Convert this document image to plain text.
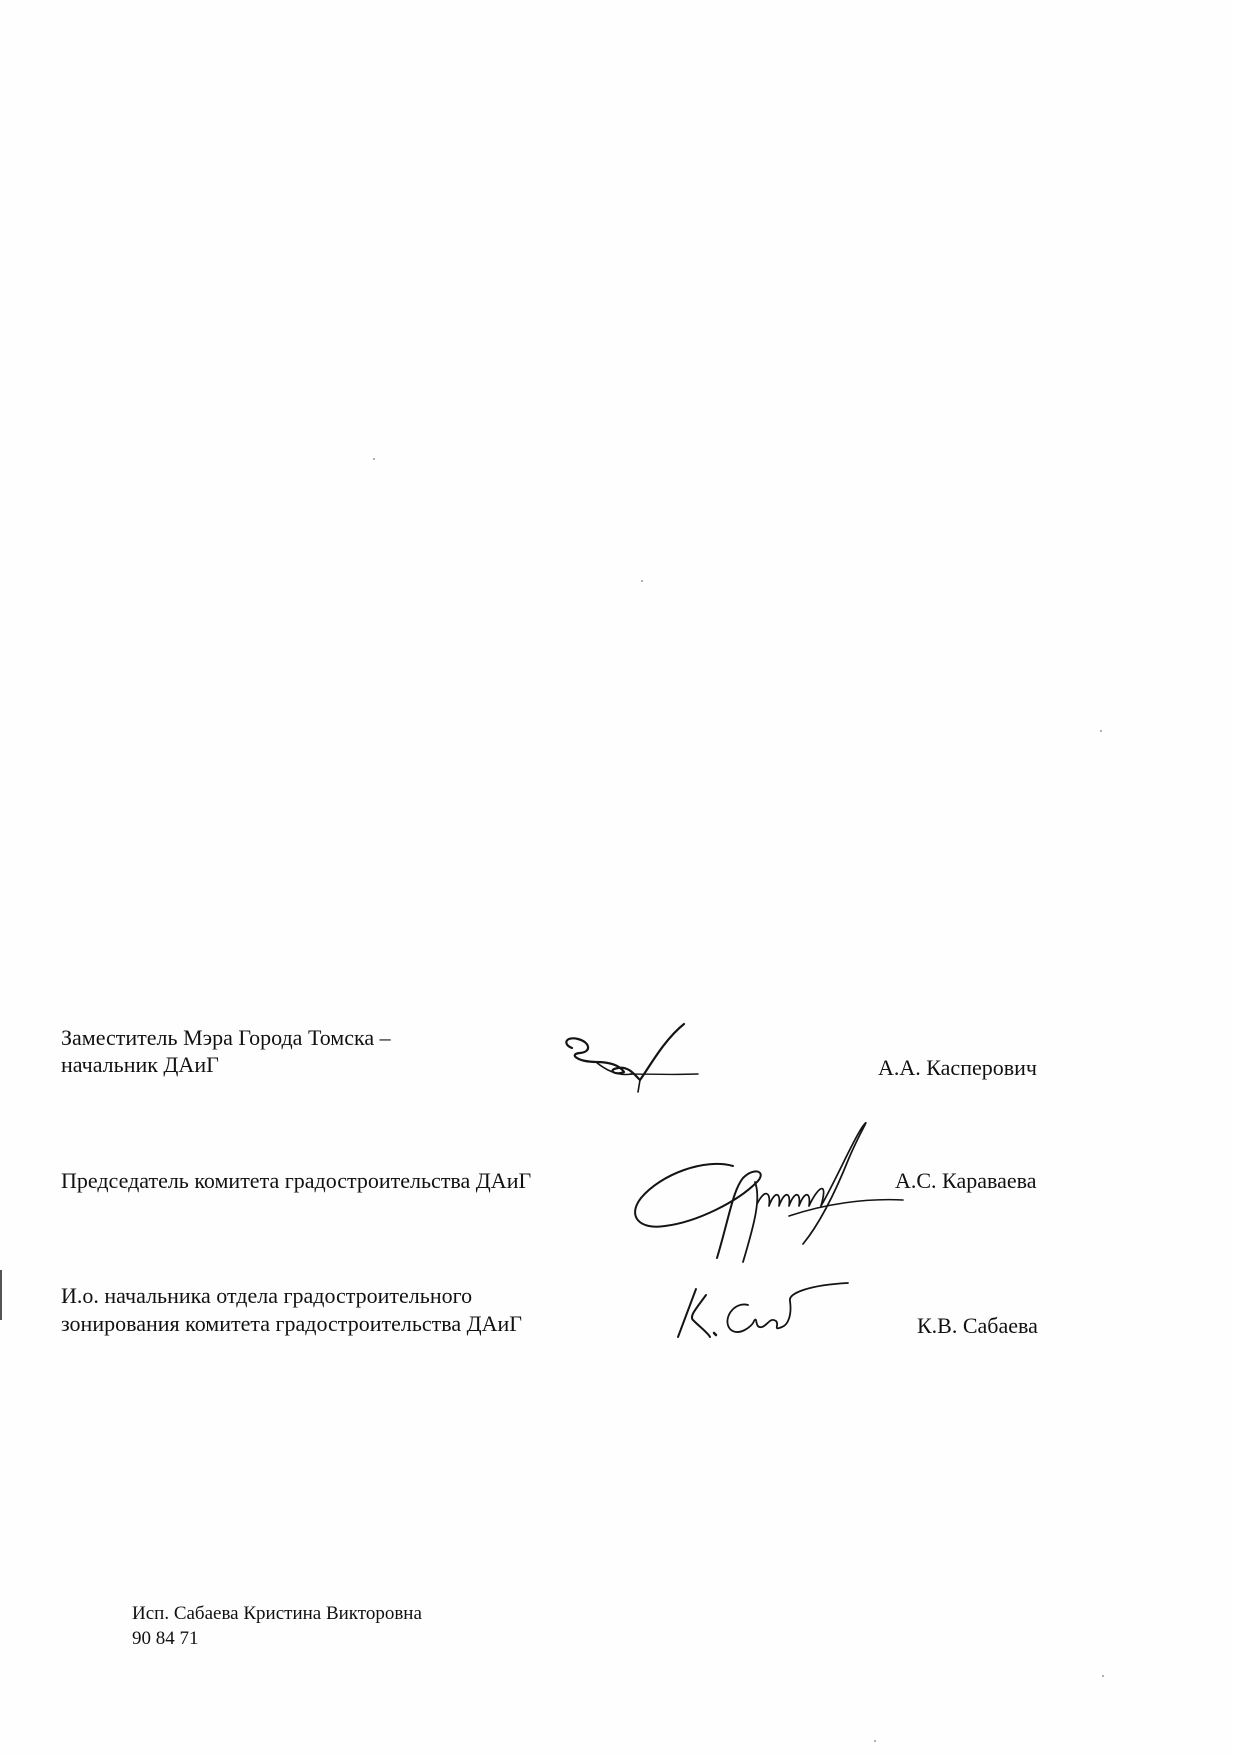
Заместитель Мэра Города Томска –
начальник ДАиГ	А.А. Касперович
Председатель комитета градостроительства ДАиГ	А.С. Караваева
И.о. начальника отдела градостроительного
зонирования комитета градостроительства ДАиГ	К.В. Сабаева
Исп. Сабаева Кристина Викторовна
90 84 71
